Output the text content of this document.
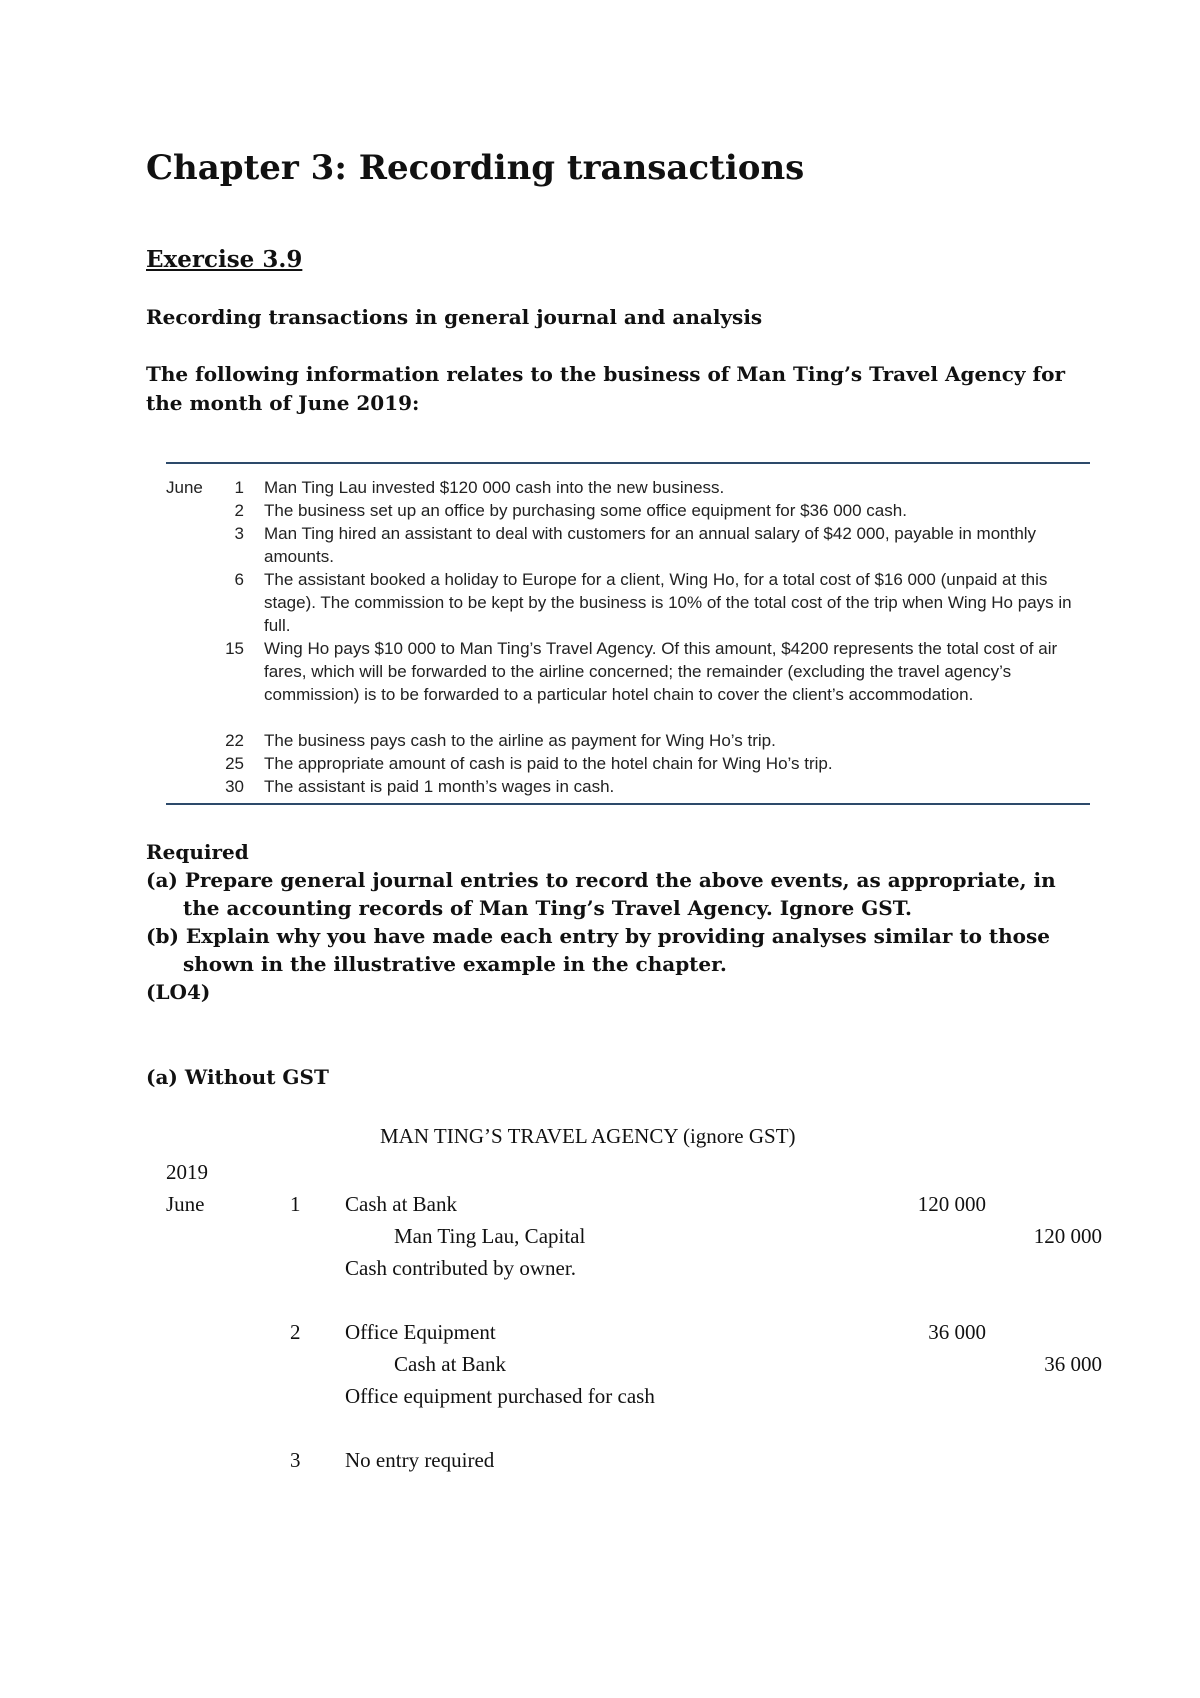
Chapter 3: Recording transactions
Exercise 3.9
Recording transactions in general journal and analysis
The following information relates to the business of Man Ting’s Travel Agency for the month of June 2019:
June	1 Man Ting Lau invested $120 000 cash into the new business.
2 The business set up an office by purchasing some office equipment for $36 000 cash.
3 Man Ting hired an assistant to deal with customers for an annual salary of $42 000, payable in monthly amounts.
6 The assistant booked a holiday to Europe for a client, Wing Ho, for a total cost of $16 000 (unpaid at this stage). The commission to be kept by the business is 10% of the total cost of the trip when Wing Ho pays in full.
15 Wing Ho pays $10 000 to Man Ting’s Travel Agency. Of this amount, $4200 represents the total cost of air fares, which will be forwarded to the airline concerned; the remainder (excluding the travel agency’s commission) is to be forwarded to a particular hotel chain to cover the client’s accommodation.
22 The business pays cash to the airline as payment for Wing Ho’s trip.
25 The appropriate amount of cash is paid to the hotel chain for Wing Ho’s trip.
30 The assistant is paid 1 month’s wages in cash.
Required
(a) Prepare general journal entries to record the above events, as appropriate, in the accounting records of Man Ting’s Travel Agency. Ignore GST.
(b) Explain why you have made each entry by providing analyses similar to those shown in the illustrative example in the chapter.
(LO4)
(a) Without GST
MAN TING’S TRAVEL AGENCY (ignore GST)
2019
June	1 Cash at Bank	120 000
Man Ting Lau, Capital	120 000
Cash contributed by owner.
2 Office Equipment	36 000
Cash at Bank	36 000
Office equipment purchased for cash
3 No entry required
